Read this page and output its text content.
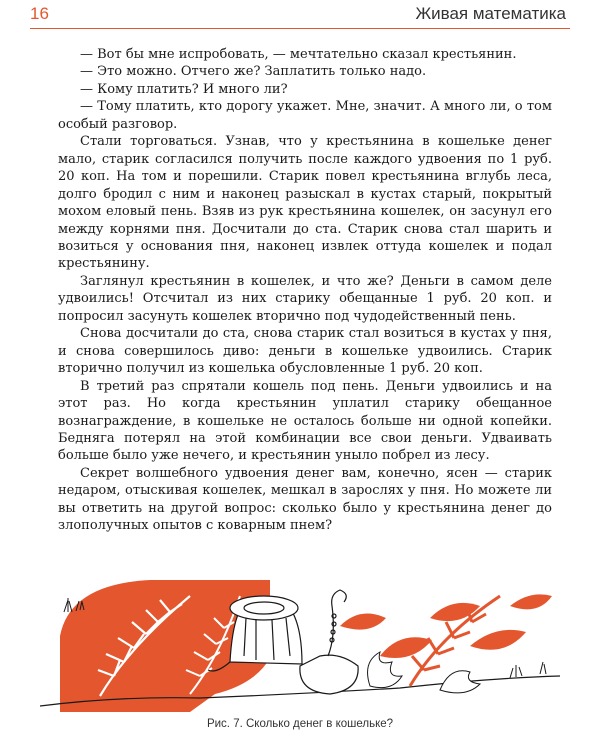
16	Живая математика

— Вот бы мне испробовать, — мечтательно сказал крестьянин.

— Это можно. Отчего же? Заплатить только надо.

— Кому платить? И много ли?

— Тому платить, кто дорогу укажет. Мне, значит. А много ли, о том особый разговор.

Стали торговаться. Узнав, что у крестьянина в кошельке денег мало, старик согласился получить после каждого удвоения по 1 руб. 20 коп. На том и порешили. Старик повел крестьянина вглубь леса, долго бродил с ним и наконец разыскал в кустах старый, покрытый мохом еловый пень. Взяв из рук крестьянина кошелек, он засунул его между корнями пня. Досчитали до ста. Старик снова стал шарить и возиться у основания пня, наконец извлек оттуда кошелек и подал крестьянину.

Заглянул крестьянин в кошелек, и что же? Деньги в самом деле удвоились! Отсчитал из них старику обещанные 1 руб. 20 коп. и попросил засунуть кошелек вторично под чудодейственный пень.

Снова досчитали до ста, снова старик стал возиться в кустах у пня, и снова совершилось диво: деньги в кошельке удвоились. Старик вторично получил из кошелька обусловленные 1 руб. 20 коп.

В третий раз спрятали кошель под пень. Деньги удвоились и на этот раз. Но когда крестьянин уплатил старику обещанное вознаграждение, в кошельке не осталось больше ни одной копейки. Бедняга потерял на этой комбинации все свои деньги. Удваивать больше было уже нечего, и крестьянин уныло побрел из лесу.

Секрет волшебного удвоения денег вам, конечно, ясен — старик недаром, отыскивая кошелек, мешкал в зарослях у пня. Но можете ли вы ответить на другой вопрос: сколько было у крестьянина денег до злополучных опытов с коварным пнем?

Рис. 7. Сколько денег в кошельке?
